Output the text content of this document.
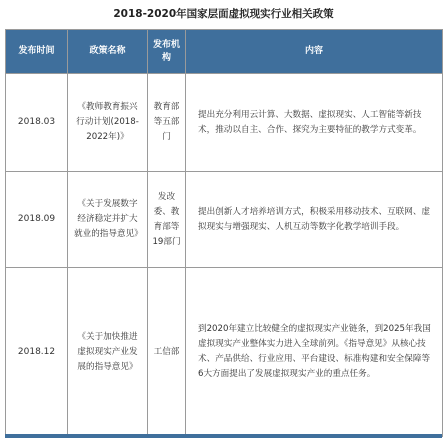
2018-2020年国家层面虚拟现实行业相关政策
发布时间	政策名称	发布机构	内容
2018.03	《教师教育振兴行动计划(2018-2022年)》	教育部等五部门	提出充分利用云计算、大数据、虚拟现实、人工智能等新技术，推动以自主、合作、探究为主要特征的教学方式变革。
2018.09	《关于发展数字经济稳定并扩大就业的指导意见》	发改委、教育部等19部门	提出创新人才培养培训方式，积极采用移动技术、互联网、虚拟现实与增强现实、人机互动等数字化教学培训手段。
2018.12	《关于加快推进虚拟现实产业发展的指导意见》	工信部	到2020年建立比较健全的虚拟现实产业链条，到2025年我国虚拟现实产业整体实力进入全球前列。《指导意见》从核心技术、产品供给、行业应用、平台建设、标准构建和安全保障等6大方面提出了发展虚拟现实产业的重点任务。
